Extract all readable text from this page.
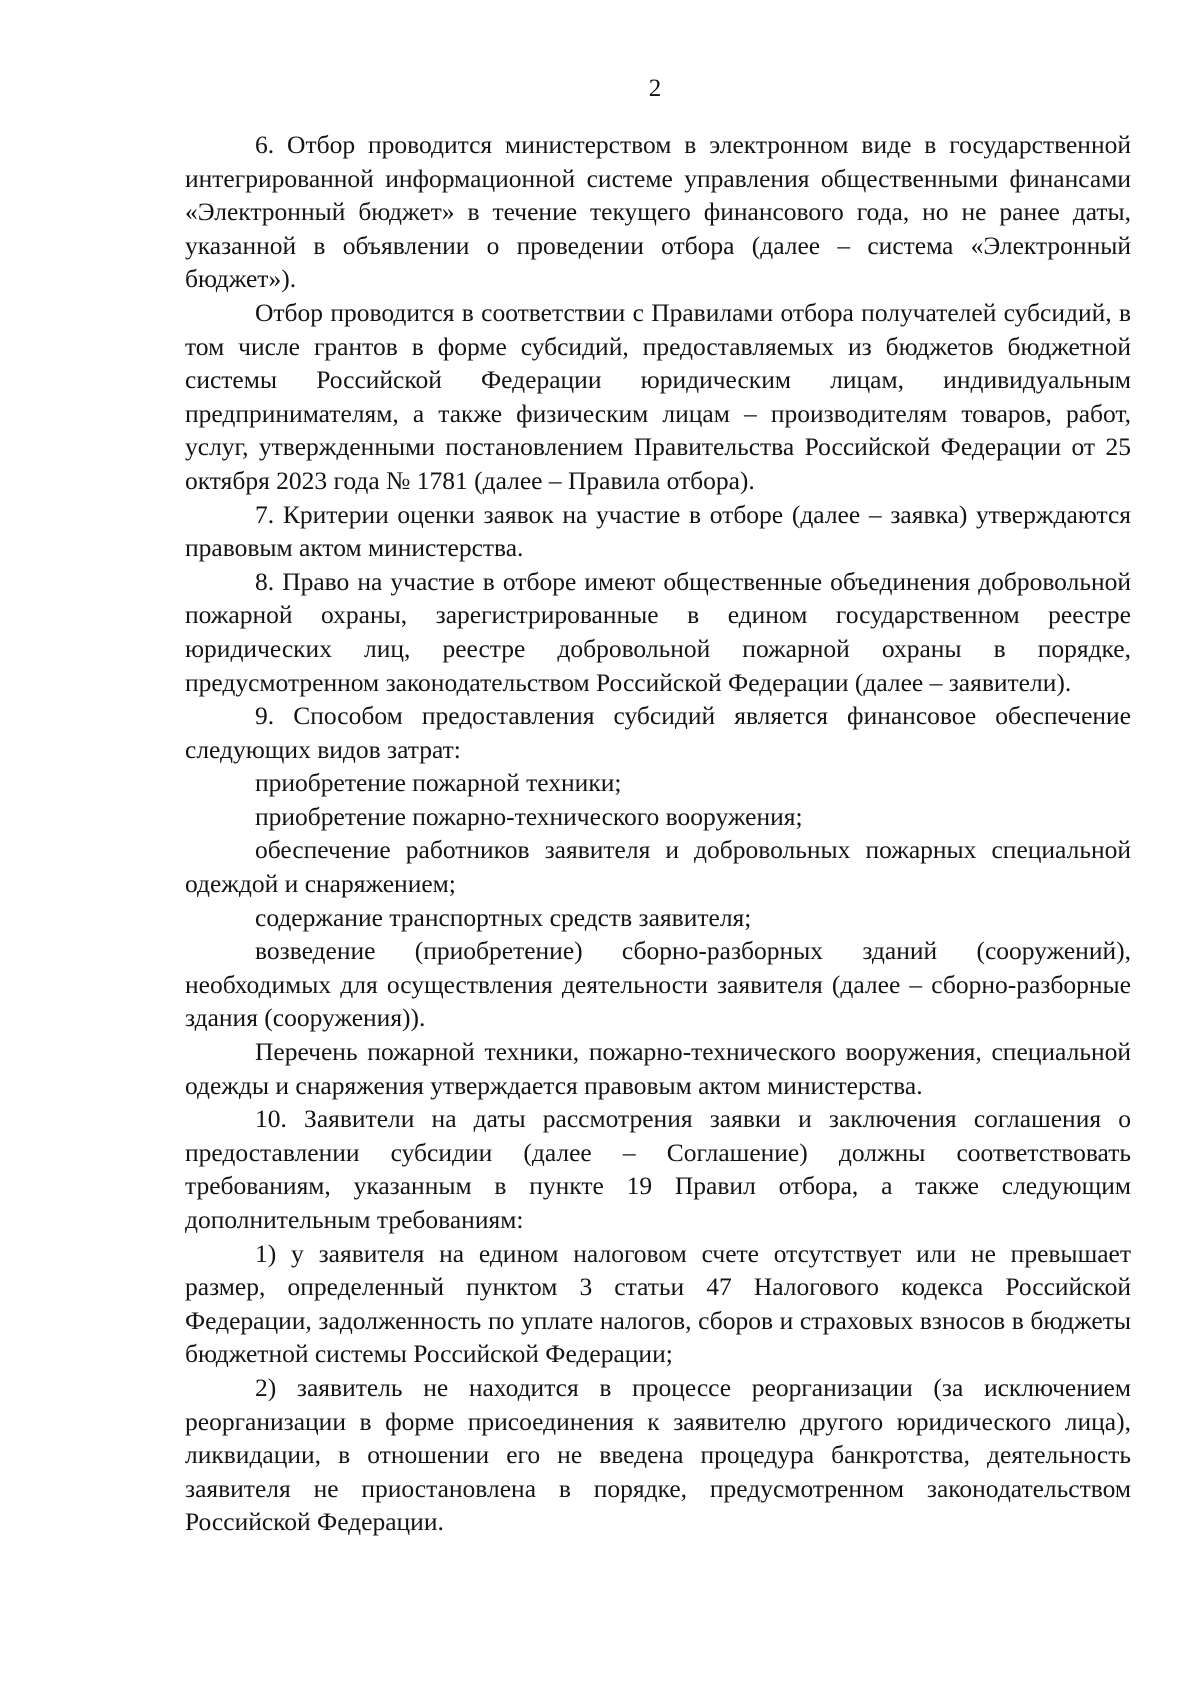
2

6. Отбор проводится министерством в электронном виде в государственной интегрированной информационной системе управления общественными финансами «Электронный бюджет» в течение текущего финансового года, но не ранее даты, указанной в объявлении о проведении отбора (далее – система «Электронный бюджет»).

Отбор проводится в соответствии с Правилами отбора получателей субсидий, в том числе грантов в форме субсидий, предоставляемых из бюджетов бюджетной системы Российской Федерации юридическим лицам, индивидуальным предпринимателям, а также физическим лицам – производителям товаров, работ, услуг, утвержденными постановлением Правительства Российской Федерации от 25 октября 2023 года № 1781 (далее – Правила отбора).

7. Критерии оценки заявок на участие в отборе (далее – заявка) утверждаются правовым актом министерства.

8. Право на участие в отборе имеют общественные объединения добровольной пожарной охраны, зарегистрированные в едином государственном реестре юридических лиц, реестре добровольной пожарной охраны в порядке, предусмотренном законодательством Российской Федерации (далее – заявители).

9. Способом предоставления субсидий является финансовое обеспечение следующих видов затрат:

приобретение пожарной техники;

приобретение пожарно-технического вооружения;

обеспечение работников заявителя и добровольных пожарных специальной одеждой и снаряжением;

содержание транспортных средств заявителя;

возведение (приобретение) сборно-разборных зданий (сооружений), необходимых для осуществления деятельности заявителя (далее – сборно-разборные здания (сооружения)).

Перечень пожарной техники, пожарно-технического вооружения, специальной одежды и снаряжения утверждается правовым актом министерства.

10. Заявители на даты рассмотрения заявки и заключения соглашения о предоставлении субсидии (далее – Соглашение) должны соответствовать требованиям, указанным в пункте 19 Правил отбора, а также следующим дополнительным требованиям:

1) у заявителя на едином налоговом счете отсутствует или не превышает размер, определенный пунктом 3 статьи 47 Налогового кодекса Российской Федерации, задолженность по уплате налогов, сборов и страховых взносов в бюджеты бюджетной системы Российской Федерации;

2) заявитель не находится в процессе реорганизации (за исключением реорганизации в форме присоединения к заявителю другого юридического лица), ликвидации, в отношении его не введена процедура банкротства, деятельность заявителя не приостановлена в порядке, предусмотренном законодательством Российской Федерации.
